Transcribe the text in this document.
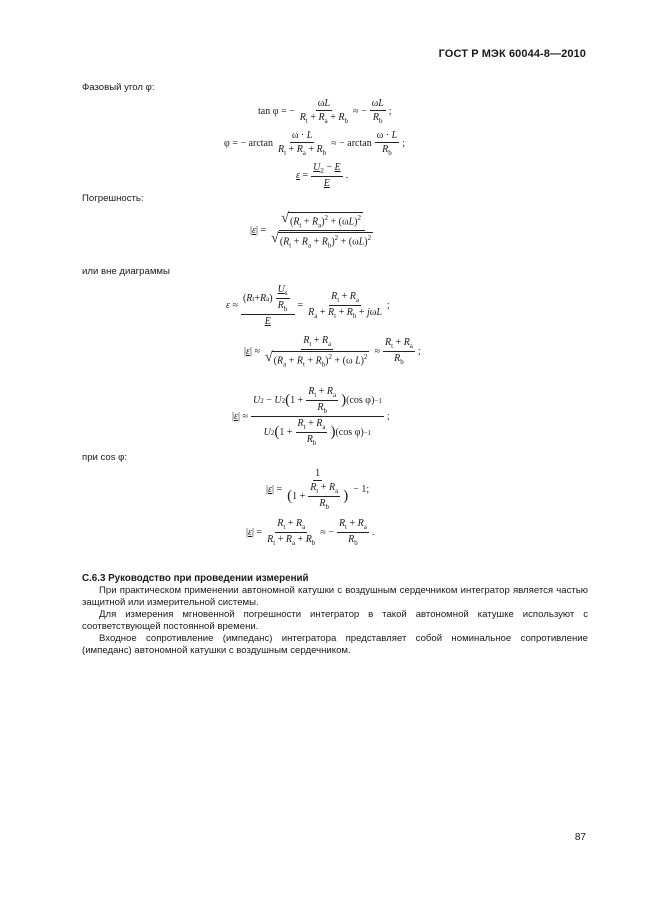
ГОСТ Р МЭК 60044-8—2010
Фазовый угол φ:
tan φ = − $\frac{\omega L}{R_t + R_a + R_b}$ ≈ − $\frac{\omega L}{R_b}$ ;
φ = − $\arctan \frac{\omega \cdot L}{R_t + R_a + R_b}$ ≈ − $\arctan \frac{\omega \cdot L}{R_b}$ ;
$\varepsilon = \frac{U_2 - E}{E}$ .
Погрешность:
$|\varepsilon| = \frac{√ (R_t + R_a)^2 + (\omega L)^2}{√ (R_t + R_a + R_b)^2 + (\omega L)^2}$
или вне диаграммы
$\varepsilon \approx \frac{( R t + R a ) \frac{U_s}{R_b}}{E} = \frac{R_t + R_a}{R_a + R_t + R_b + j\omega L}$ ;
$|\varepsilon| \approx \frac{R_t + R_a}{√ (R_a + R_t + R_b)^2 + (\omega L)^2} \approx \frac{R_t + R_a}{R_b}$ ;
$|\varepsilon| \approx \frac{U 2 - U 2 ( 1 + \frac{R_t + R_a}{R_b} ) (\cos \varphi) -1}{U 2 ( 1 + \frac{R_t + R_a}{R_b} ) (\cos \varphi) -1}$ ;
при cos φ:
$|\varepsilon| = \frac{1}{( 1 + \frac{R_t + R_a}{R_b} )} - 1$;
$|\varepsilon| = \frac{R_t + R_a}{R_t + R_a + R_b}$ ≈ − $\frac{R_t + R_a}{R_b}$ .
С.6.3 Руководство при проведении измерений
При практическом применении автономной катушки с воздушным сердечником интегратор является частью защитной или измерительной системы.
Для измерения мгновенной погрешности интегратор в такой автономной катушке используют с соответствующей постоянной времени.
Входное сопротивление (импеданс) интегратора представляет собой номинальное сопротивление (импеданс) автономной катушки с воздушным сердечником.
87
